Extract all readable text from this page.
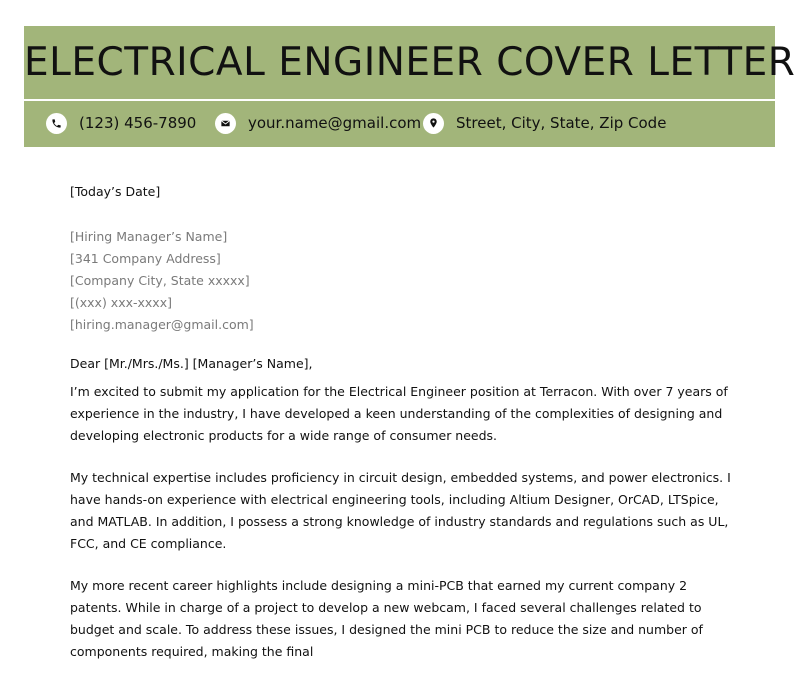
ELECTRICAL ENGINEER COVER LETTER
(123) 456-7890	your.name@gmail.com Street, City, State, Zip Code
[Today’s Date]
[Hiring Manager’s Name]
[341 Company Address]
[Company City, State xxxxx]
[(xxx) xxx-xxxx]
[hiring.manager@gmail.com]
Dear [Mr./Mrs./Ms.] [Manager’s Name],

I’m excited to submit my application for the Electrical Engineer position at Terracon. With over 7 years of experience in the industry, I have developed a keen understanding of the complexities of designing and developing electronic products for a wide range of consumer needs.

My technical expertise includes proficiency in circuit design, embedded systems, and power electronics. I have hands-on experience with electrical engineering tools, including Altium Designer, OrCAD, LTSpice, and MATLAB. In addition, I possess a strong knowledge of industry standards and regulations such as UL, FCC, and CE compliance.

My more recent career highlights include designing a mini-PCB that earned my current company 2 patents. While in charge of a project to develop a new webcam, I faced several challenges related to budget and scale. To address these issues, I designed the mini PCB to reduce the size and number of components required, making the final
